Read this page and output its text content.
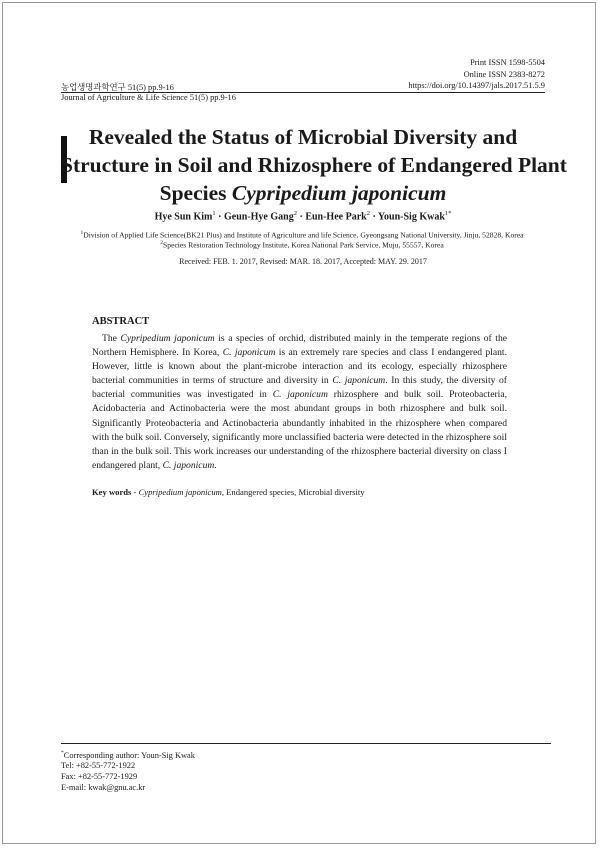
Print ISSN 1598-5504
Online ISSN 2383-8272
https://doi.org/10.14397/jals.2017.51.5.9
농업생명과학연구 51(5) pp.9-16
Journal of Agriculture & Life Science 51(5) pp.9-16
Revealed the Status of Microbial Diversity and
Structure in Soil and Rhizosphere of Endangered Plant
Species Cypripedium japonicum
Hye Sun Kim$^1$ · Geun-Hye Gang$^2$ · Eun-Hee Park$^2$ · Youn-Sig Kwak$^{1*}$
$^1$Division of Applied Life Science(BK21 Plus) and Institute of Agriculture and life Science, Gyeongsang National University, Jinju, 52828, Korea
$^2$Species Restoration Technology Institute, Korea National Park Service, Muju, 55557, Korea
Received: FEB. 1. 2017, Revised: MAR. 18. 2017, Accepted: MAY. 29. 2017
ABSTRACT

The Cypripedium japonicum is a species of orchid, distributed mainly in the temperate regions of the Northern Hemisphere. In Korea, C. japonicum is an extremely rare species and class I endangered plant. However, little is known about the plant-microbe interaction and its ecology, especially rhizosphere bacterial communities in terms of structure and diversity in C. japonicum. In this study, the diversity of bacterial communities was investigated in C. japonicum rhizosphere and bulk soil. Proteobacteria, Acidobacteria and Actinobacteria were the most abundant groups in both rhizosphere and bulk soil. Significantly Proteobacteria and Actinobacteria abundantly inhabited in the rhizosphere when compared with the bulk soil. Conversely, significantly more unclassified bacteria were detected in the rhizosphere soil than in the bulk soil. This work increases our understanding of the rhizosphere bacterial diversity on class I endangered plant, C. japonicum.

Key words - Cypripedium japonicum, Endangered species, Microbial diversity
*Corresponding author: Youn-Sig Kwak
Tel: +82-55-772-1922
Fax: +82-55-772-1929
E-mail: kwak@gnu.ac.kr
